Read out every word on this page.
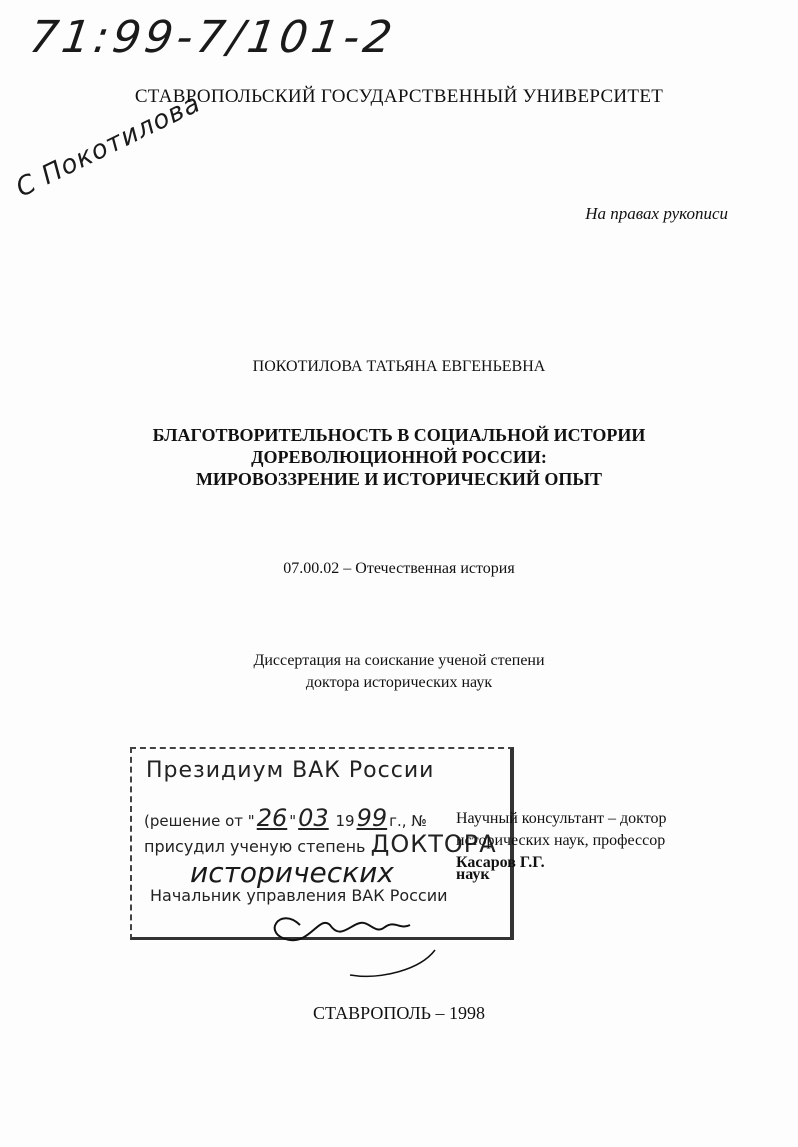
71:99-7/101-2
С Покотилова
СТАВРОПОЛЬСКИЙ ГОСУДАРСТВЕННЫЙ УНИВЕРСИТЕТ
На правах рукописи
ПОКОТИЛОВА ТАТЬЯНА ЕВГЕНЬЕВНА
БЛАГОТВОРИТЕЛЬНОСТЬ В СОЦИАЛЬНОЙ ИСТОРИИ
ДОРЕВОЛЮЦИОННОЙ РОССИИ:
МИРОВОЗЗРЕНИЕ И ИСТОРИЧЕСКИЙ ОПЫТ
07.00.02 – Отечественная история
Диссертация на соискание ученой степени
доктора исторических наук
Президиум ВАК России
(решение от "26 "03 1999 г., №
присудил ученую степень ДОКТОРА
исторических	наук
Начальник управления ВАК России
Научный консультант – доктор
исторических наук, профессор
Касаров Г.Г.
СТАВРОПОЛЬ – 1998
